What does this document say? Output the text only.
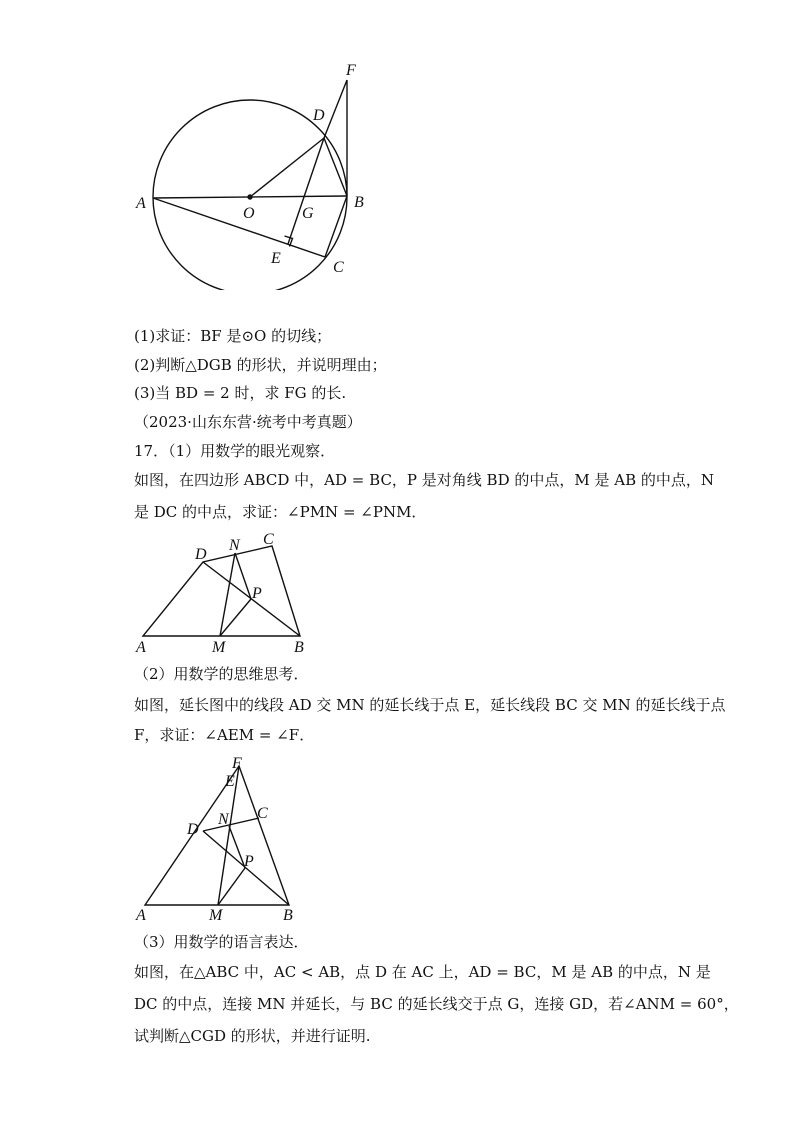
F
D
A
O	G
B
E
C
(1)求证：BF 是⊙O 的切线；
(2)判断△DGB 的形状，并说明理由；
(3)当 BD = 2 时，求 FG 的长.
（2023·山东东营·统考中考真题）
17．（1）用数学的眼光观察．
如图，在四边形 ABCD 中，AD = BC，P 是对角线 BD 的中点，M 是 AB 的中点，N
是 DC 的中点，求证：∠PMN = ∠PNM．
D
N C
P
A	M	B
（2）用数学的思维思考．
如图，延长图中的线段 AD 交 MN 的延长线于点 E，延长线段 BC 交 MN 的延长线于点
F，求证：∠AEM = ∠F．
F
E
D
N C
P
A	M	B
（3）用数学的语言表达．
如图，在△ABC 中，AC < AB，点 D 在 AC 上，AD = BC，M 是 AB 的中点，N 是
DC 的中点，连接 MN 并延长，与 BC 的延长线交于点 G，连接 GD，若∠ANM = 60°，
试判断△CGD 的形状，并进行证明.
